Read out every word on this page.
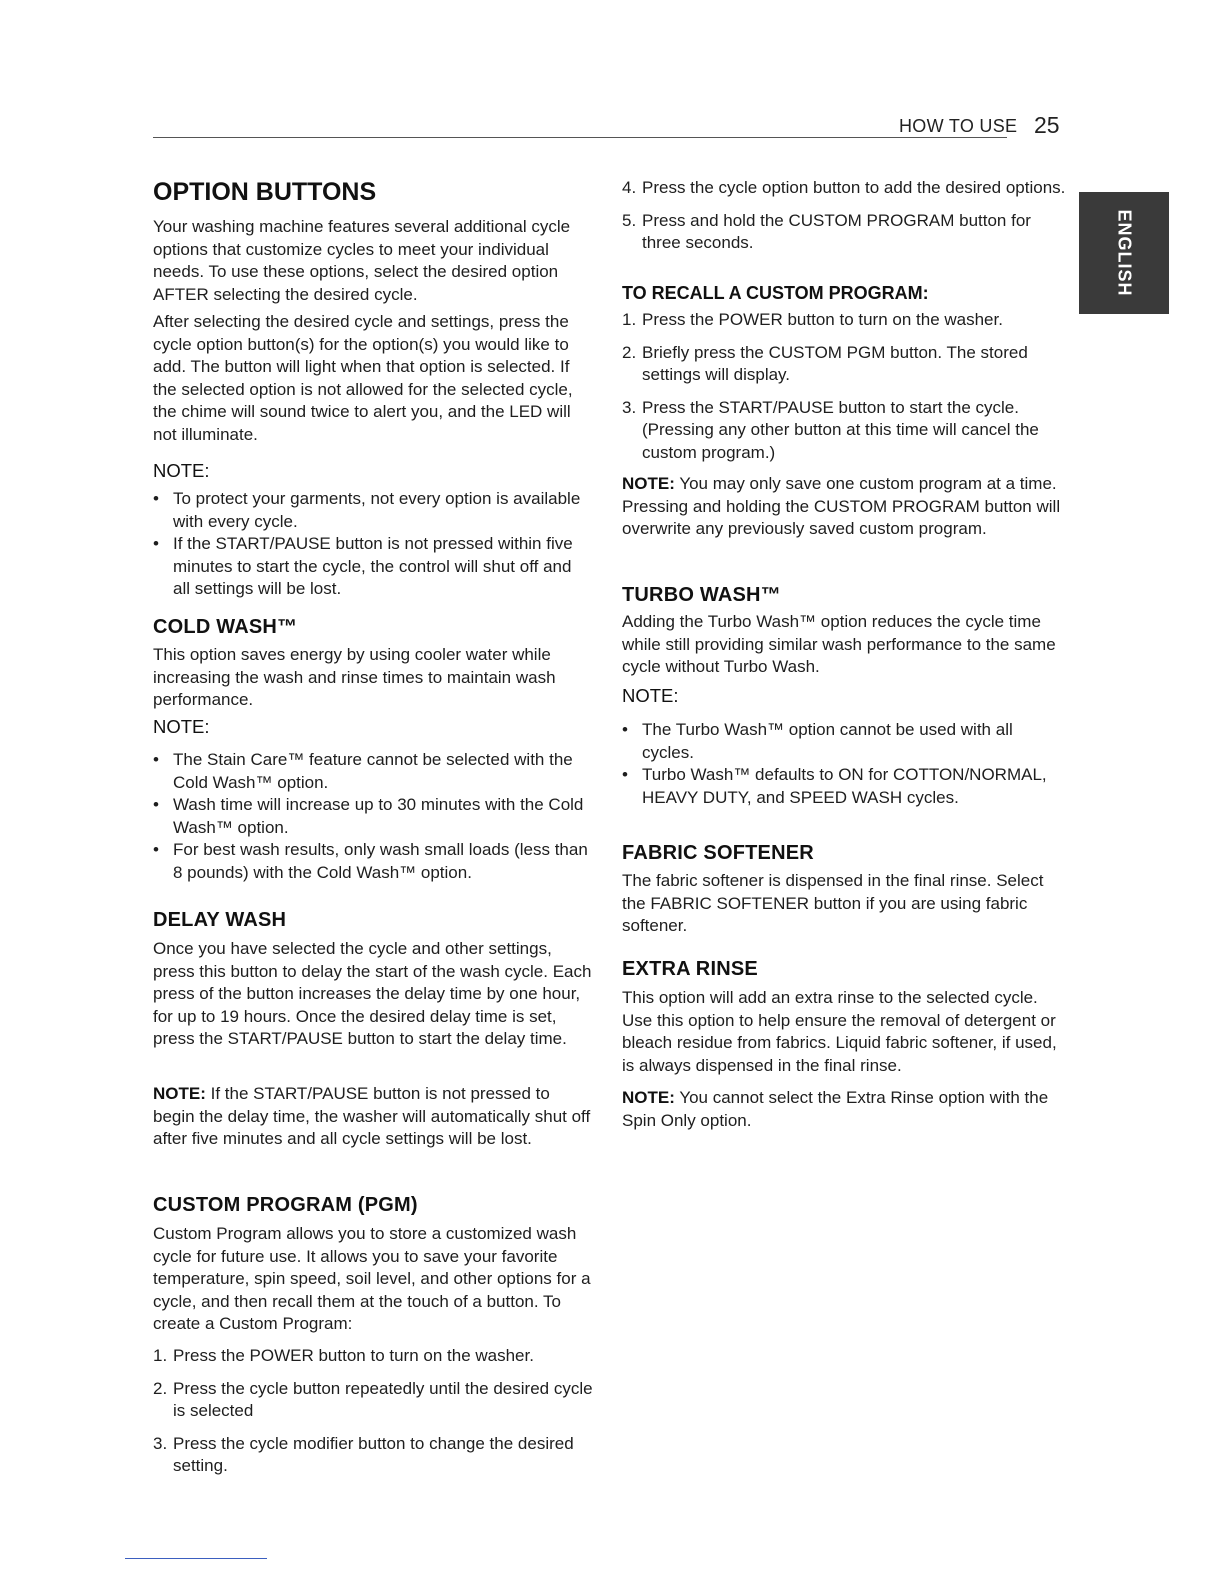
HOW TO USE 25
ENGLISH
OPTION BUTTONS

Your washing machine features several additional cycle options that customize cycles to meet your individual needs. To use these options, select the desired option AFTER selecting the desired cycle.

After selecting the desired cycle and settings, press the cycle option button(s) for the option(s) you would like to add. The button will light when that option is selected. If the selected option is not allowed for the selected cycle, the chime will sound twice to alert you, and the LED will not illuminate.

NOTE:
• To protect your garments, not every option is available with every cycle.
• If the START/PAUSE button is not pressed within five minutes to start the cycle, the control will shut off and all settings will be lost.
COLD WASH™

This option saves energy by using cooler water while increasing the wash and rinse times to maintain wash performance.

NOTE:
• The Stain Care™ feature cannot be selected with the Cold Wash™ option.
• Wash time will increase up to 30 minutes with the Cold Wash™ option.
• For best wash results, only wash small loads (less than 8 pounds) with the Cold Wash™ option.
DELAY WASH

Once you have selected the cycle and other settings, press this button to delay the start of the wash cycle. Each press of the button increases the delay time by one hour, for up to 19 hours. Once the desired delay time is set, press the START/PAUSE button to start the delay time.

NOTE: If the START/PAUSE button is not pressed to begin the delay time, the washer will automatically shut off after five minutes and all cycle settings will be lost.

CUSTOM PROGRAM (PGM)

Custom Program allows you to store a customized wash cycle for future use. It allows you to save your favorite temperature, spin speed, soil level, and other options for a cycle, and then recall them at the touch of a button. To create a Custom Program:

1. Press the POWER button to turn on the washer.
2. Press the cycle button repeatedly until the desired cycle is selected
3. Press the cycle modifier button to change the desired setting.
4. Press the cycle option button to add the desired options.
5. Press and hold the CUSTOM PROGRAM button for three seconds.
TO RECALL A CUSTOM PROGRAM:
1. Press the POWER button to turn on the washer.
2. Briefly press the CUSTOM PGM button. The stored settings will display.
3. Press the START/PAUSE button to start the cycle. (Pressing any other button at this time will cancel the custom program.)

NOTE: You may only save one custom program at a time. Pressing and holding the CUSTOM PROGRAM button will overwrite any previously saved custom program.

TURBO WASH™

Adding the Turbo Wash™ option reduces the cycle time while still providing similar wash performance to the same cycle without Turbo Wash.

NOTE:
• The Turbo Wash™ option cannot be used with all cycles.
• Turbo Wash™ defaults to ON for COTTON/NORMAL, HEAVY DUTY, and SPEED WASH cycles.
FABRIC SOFTENER

The fabric softener is dispensed in the final rinse. Select the FABRIC SOFTENER button if you are using fabric softener.

EXTRA RINSE

This option will add an extra rinse to the selected cycle. Use this option to help ensure the removal of detergent or bleach residue from fabrics. Liquid fabric softener, if used, is always dispensed in the final rinse.

NOTE: You cannot select the Extra Rinse option with the Spin Only option.
